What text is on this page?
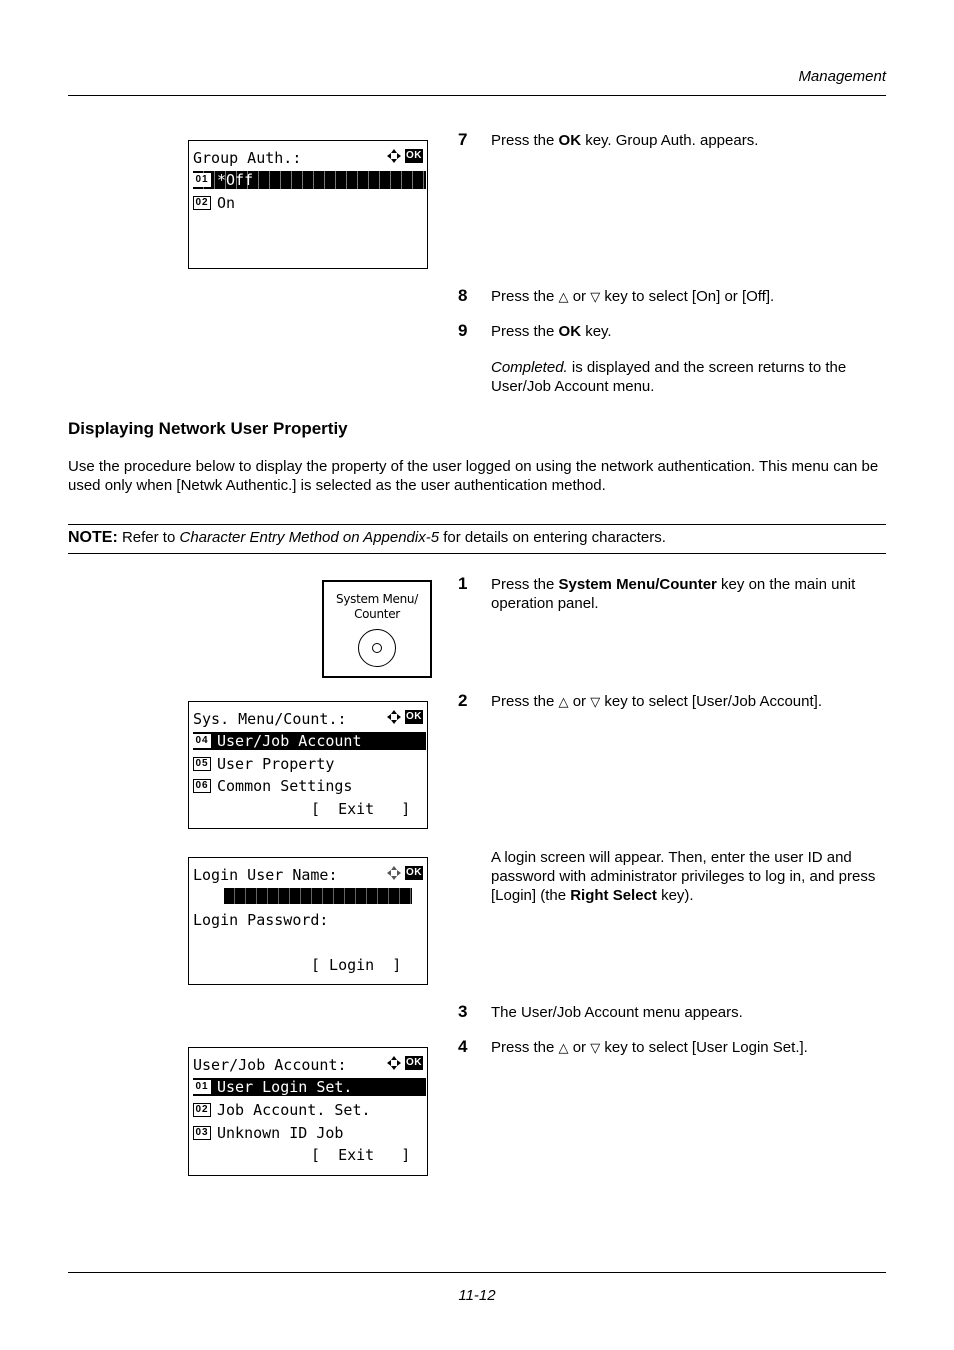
Management
Group Auth.:	OK
01 *Off
02 On
7 Press the OK key. Group Auth. appears.
8 Press the △ or ▽ key to select [On] or [Off].
9 Press the OK key.
Completed. is displayed and the screen returns to the User/Job Account menu.
Displaying Network User Propertiy
Use the procedure below to display the property of the user logged on using the network authentication. This menu can be used only when [Netwk Authentic.] is selected as the user authentication method.
NOTE: Refer to Character Entry Method on Appendix-5 for details on entering characters.
System Menu/
Counter
1 Press the System Menu/Counter key on the main unit operation panel.
Sys. Menu/Count.:	OK
04 User/Job Account
05 User Property
06 Common Settings
[  Exit   ]
2 Press the △ or ▽ key to select [User/Job Account].
Login User Name:	OK
Login Password:
[ Login  ]
A login screen will appear. Then, enter the user ID and password with administrator privileges to log in, and press [Login] (the Right Select key).
3 The User/Job Account menu appears.
4 Press the △ or ▽ key to select [User Login Set.].
User/Job Account:	OK
01 User Login Set.
02 Job Account. Set.
03 Unknown ID Job
[  Exit   ]
11-12
